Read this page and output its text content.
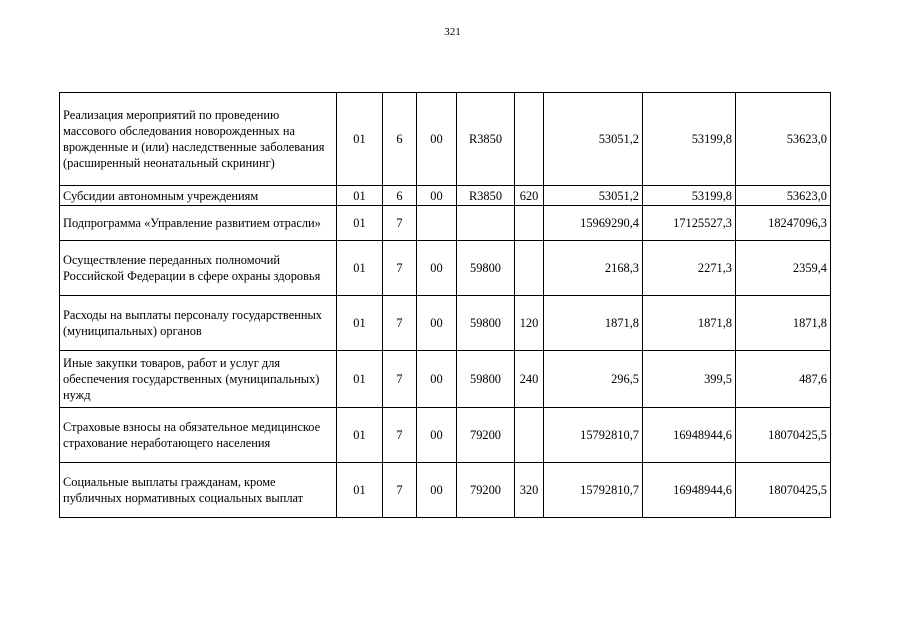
321
Реализация мероприятий по проведению массового обследования новорожденных на врожденные и (или) наследственные заболевания (расширенный неонатальный скрининг)	01	6	00	R3850		53051,2	53199,8	53623,0
Субсидии автономным учреждениям	01	6	00	R3850	620	53051,2	53199,8	53623,0
Подпрограмма «Управление развитием отрасли»	01	7				15969290,4	17125527,3	18247096,3
Осуществление переданных полномочий Российской Федерации в сфере охраны здоровья	01	7	00	59800		2168,3	2271,3	2359,4
Расходы на выплаты персоналу государственных (муниципальных) органов	01	7	00	59800	120	1871,8	1871,8	1871,8
Иные закупки товаров, работ и услуг для обеспечения государственных (муниципальных) нужд	01	7	00	59800	240	296,5	399,5	487,6
Страховые взносы на обязательное медицинское страхование неработающего населения	01	7	00	79200		15792810,7	16948944,6	18070425,5
Социальные выплаты гражданам, кроме публичных нормативных социальных выплат	01	7	00	79200	320	15792810,7	16948944,6	18070425,5
